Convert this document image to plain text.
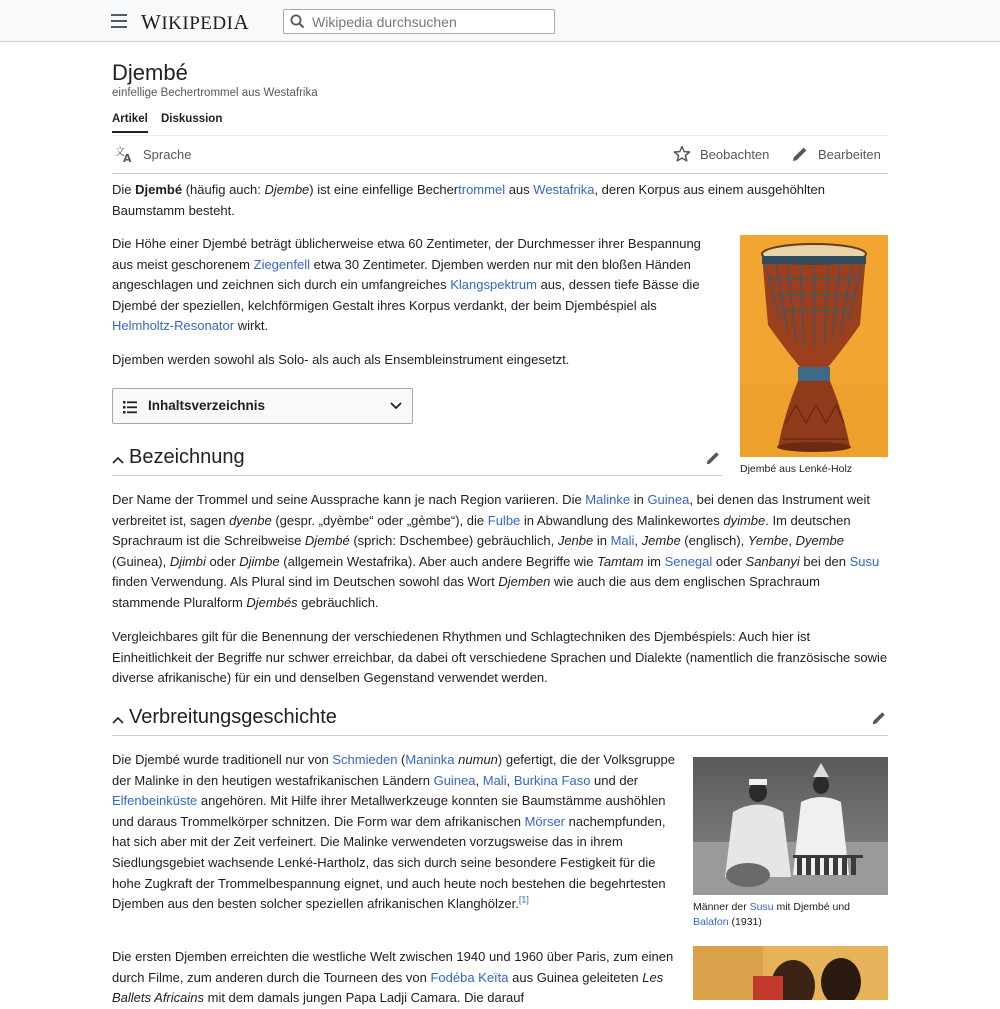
WIKIPEDIA
Wikipedia durchsuchen
Djembé
einfellige Bechertrommel aus Westafrika
Artikel Diskussion
文
A Sprache	Beobachten	Bearbeiten

Die Djembé (häufig auch: Djembe) ist eine einfellige Bechertrommel aus Westafrika, deren Korpus aus einem ausgehöhlten Baumstamm besteht.

Die Höhe einer Djembé beträgt üblicherweise etwa 60 Zentimeter, der Durchmesser ihrer Bespannung aus meist geschorenem Ziegenfell etwa 30 Zentimeter. Djemben werden nur mit den bloßen Händen angeschlagen und zeichnen sich durch ein umfangreiches Klangspektrum aus, dessen tiefe Bässe die Djembé der speziellen, kelchförmigen Gestalt ihres Korpus verdankt, der beim Djembéspiel als Helmholtz-Resonator wirkt.

Djemben werden sowohl als Solo- als auch als Ensembleinstrument eingesetzt.

Djembé aus Lenké-Holz
Inhaltsverzeichnis
Bezeichnung

Der Name der Trommel und seine Aussprache kann je nach Region variieren. Die Malinke in Guinea, bei denen das Instrument weit verbreitet ist, sagen dyenbe (gespr. „dyèmbe“ oder „gèmbe“), die Fulbe in Abwandlung des Malinkewortes dyimbe. Im deutschen Sprachraum ist die Schreibweise Djembé (sprich: Dschembee) gebräuchlich, Jenbe in Mali, Jembe (englisch), Yembe, Dyembe (Guinea), Djimbi oder Djimbe (allgemein Westafrika). Aber auch andere Begriffe wie Tamtam im Senegal oder Sanbanyi bei den Susu finden Verwendung. Als Plural sind im Deutschen sowohl das Wort Djemben wie auch die aus dem englischen Sprachraum stammende Pluralform Djembés gebräuchlich.

Vergleichbares gilt für die Benennung der verschiedenen Rhythmen und Schlagtechniken des Djembéspiels: Auch hier ist Einheitlichkeit der Begriffe nur schwer erreichbar, da dabei oft verschiedene Sprachen und Dialekte (namentlich die französische sowie diverse afrikanische) für ein und denselben Gegenstand verwendet werden.

Verbreitungsgeschichte

Die Djembé wurde traditionell nur von Schmieden (Maninka numun) gefertigt, die der Volksgruppe der Malinke in den heutigen westafrikanischen Ländern Guinea, Mali, Burkina Faso und der Elfenbeinküste angehören. Mit Hilfe ihrer Metallwerkzeuge konnten sie Baumstämme aushöhlen und daraus Trommelkörper schnitzen. Die Form war dem afrikanischen Mörser nachempfunden, hat sich aber mit der Zeit verfeinert. Die Malinke verwendeten vorzugsweise das in ihrem Siedlungsgebiet wachsende Lenké-Hartholz, das sich durch seine besondere Festigkeit für die hohe Zugkraft der Trommelbespannung eignet, und auch heute noch bestehen die begehrtesten Djemben aus den besten solcher speziellen afrikanischen Klanghölzer.[1]

Die ersten Djemben erreichten die westliche Welt zwischen 1940 und 1960 über Paris, zum einen durch Filme, zum anderen durch die Tourneen des von Fodéba Keïta aus Guinea geleiteten Les Ballets Africains mit dem damals jungen Papa Ladji Camara. Die darauf

Männer der Susu mit Djembé und Balafon (1931)
